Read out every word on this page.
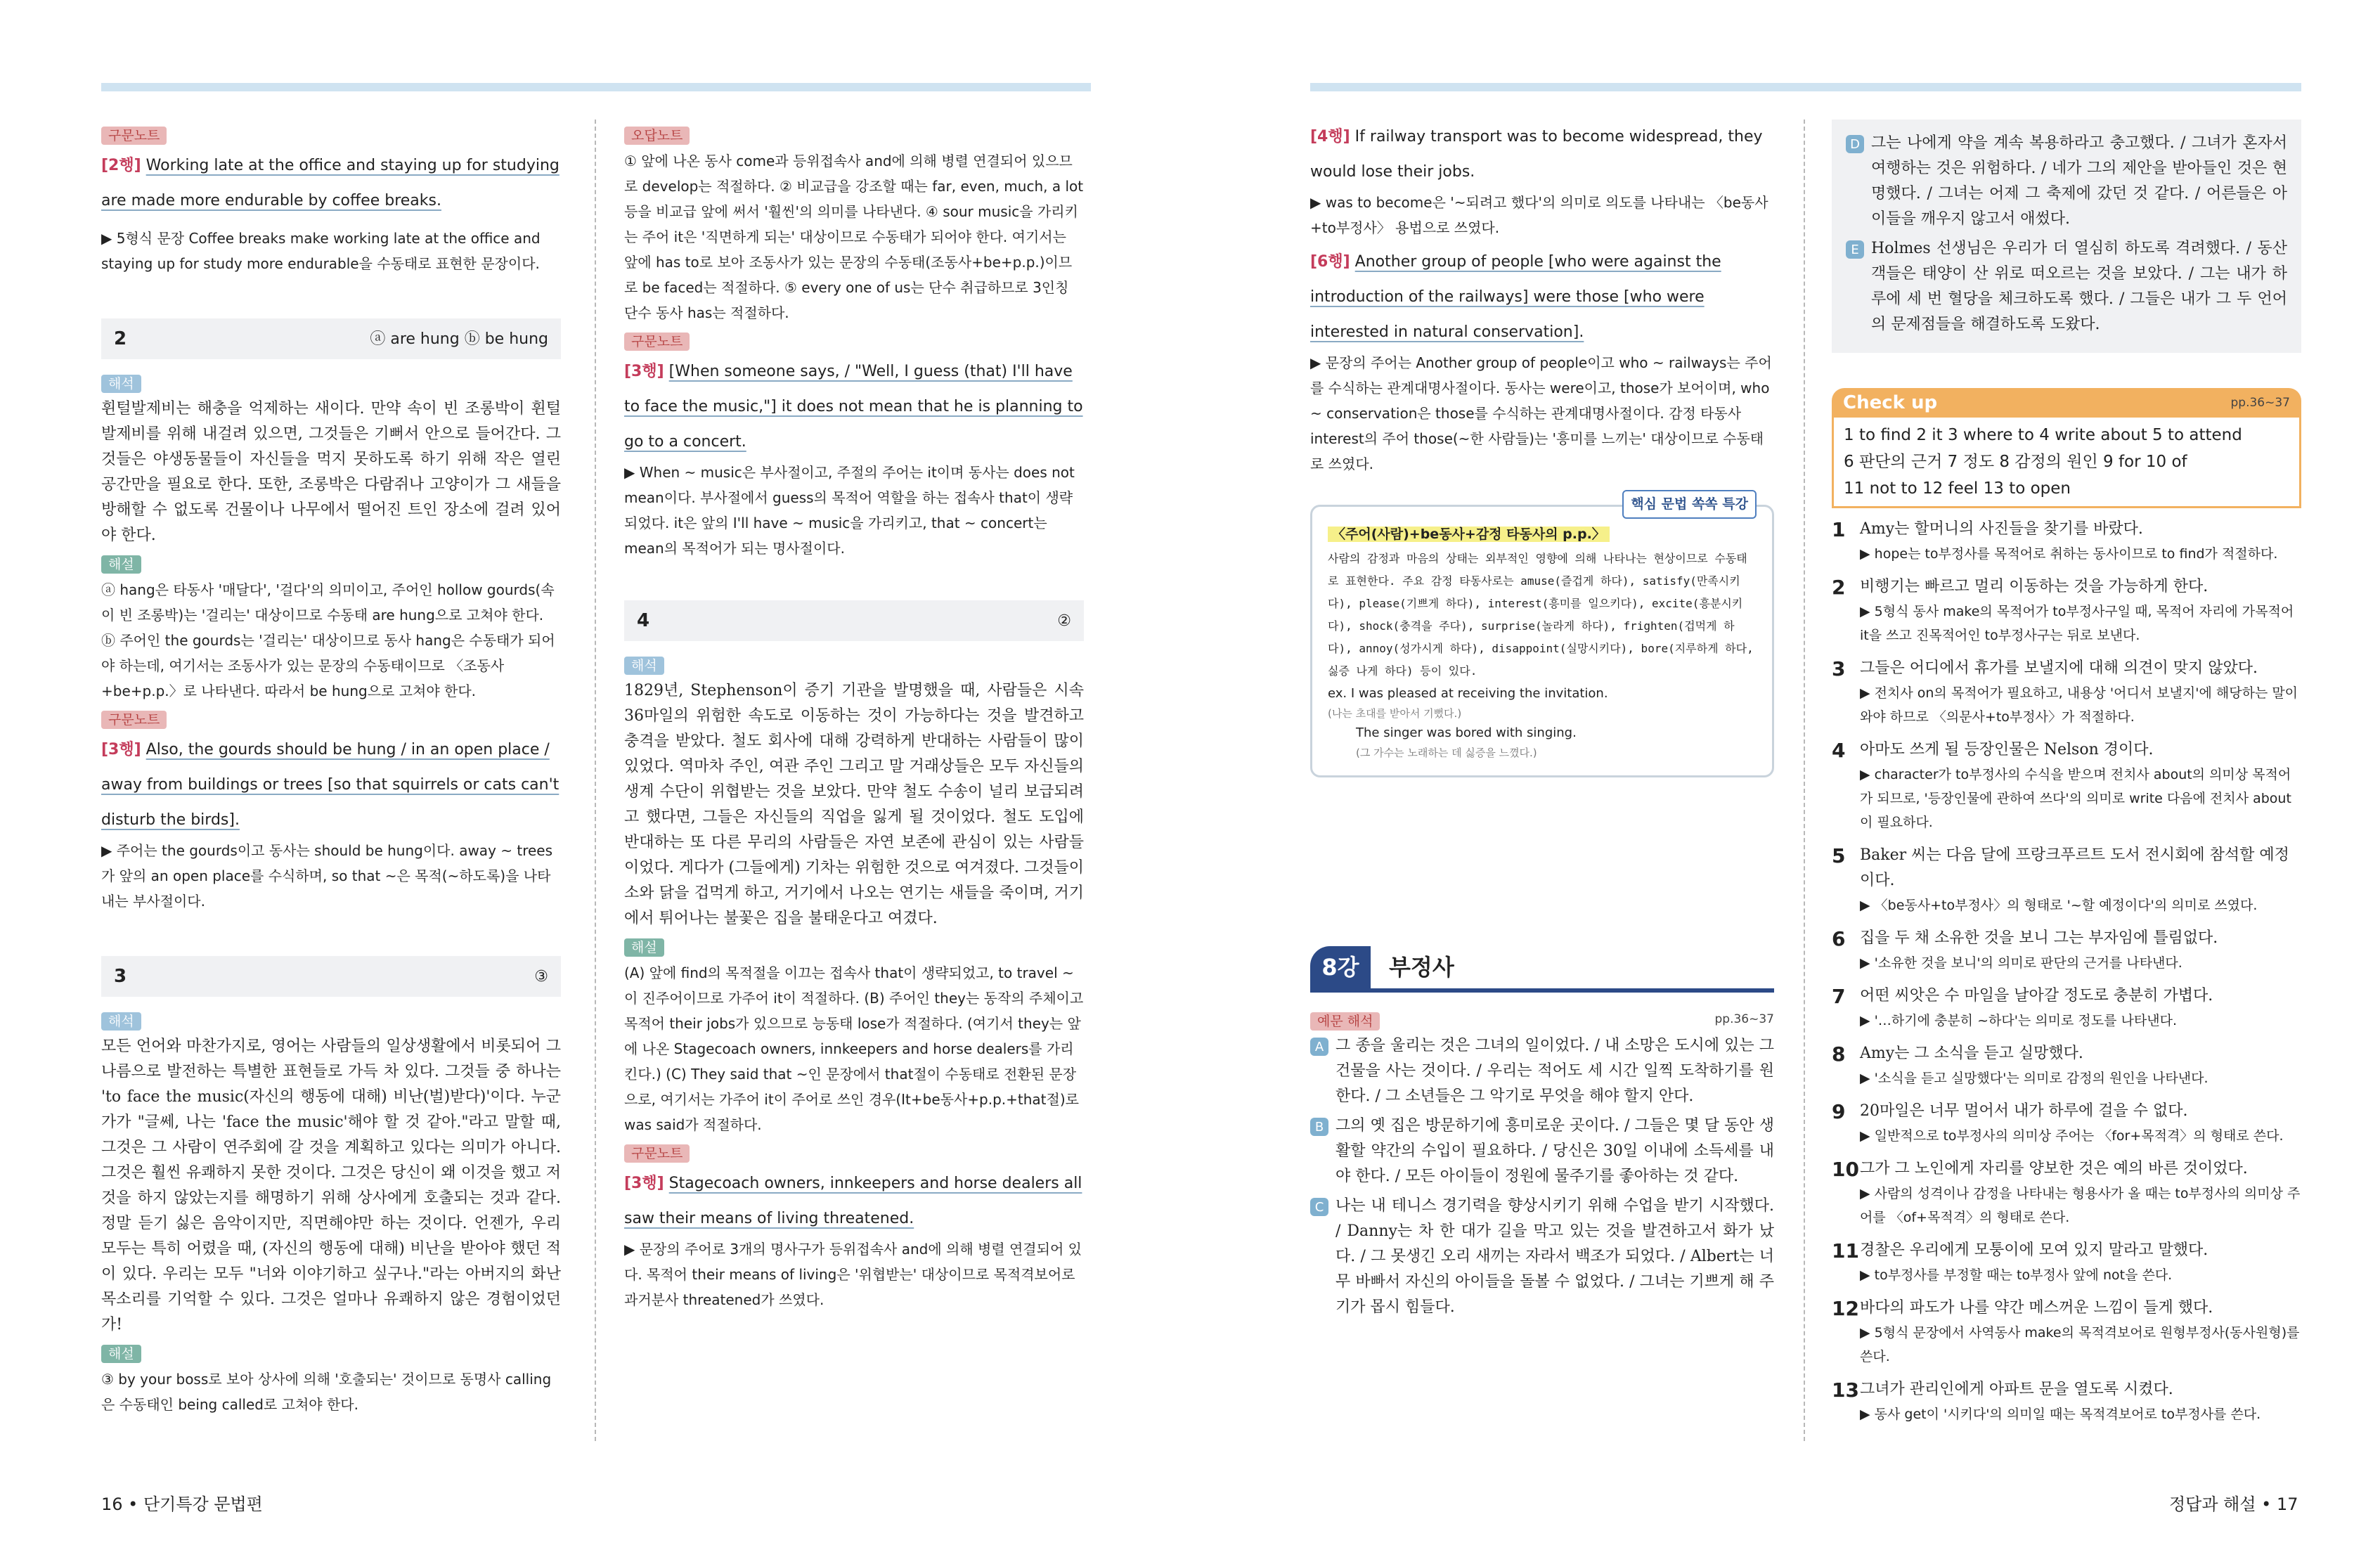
구문노트
[2행] Working late at the office and staying up for studying are made more endurable by coffee breaks.
▶ 5형식 문장 Coffee breaks make working late at the office and staying up for study more endurable을 수동태로 표현한 문장이다.
2	ⓐ are hung ⓑ be hung
해석
휜털발제비는 해충을 억제하는 새이다. 만약 속이 빈 조롱박이 휜털발제비를 위해 내걸려 있으면, 그것들은 기뻐서 안으로 들어간다. 그것들은 야생동물들이 자신들을 먹지 못하도록 하기 위해 작은 열린 공간만을 필요로 한다. 또한, 조롱박은 다람쥐나 고양이가 그 새들을 방해할 수 없도록 건물이나 나무에서 떨어진 트인 장소에 걸려 있어야 한다.
해설
ⓐ hang은 타동사 '매달다', '걸다'의 의미이고, 주어인 hollow gourds(속이 빈 조롱박)는 '걸리는' 대상이므로 수동태 are hung으로 고쳐야 한다. ⓑ 주어인 the gourds는 '걸리는' 대상이므로 동사 hang은 수동태가 되어야 하는데, 여기서는 조동사가 있는 문장의 수동태이므로 〈조동사+be+p.p.〉로 나타낸다. 따라서 be hung으로 고쳐야 한다.
구문노트
[3행] Also, the gourds should be hung / in an open place / away from buildings or trees [so that squirrels or cats can't disturb the birds].
▶ 주어는 the gourds이고 동사는 should be hung이다. away ~ trees가 앞의 an open place를 수식하며, so that ~은 목적(~하도록)을 나타내는 부사절이다.
3	③
해석
모든 언어와 마찬가지로, 영어는 사람들의 일상생활에서 비롯되어 그 나름으로 발전하는 특별한 표현들로 가득 차 있다. 그것들 중 하나는 'to face the music(자신의 행동에 대해) 비난(벌)받다)'이다. 누군가가 "글쎄, 나는 'face the music'해야 할 것 같아."라고 말할 때, 그것은 그 사람이 연주회에 갈 것을 계획하고 있다는 의미가 아니다. 그것은 훨씬 유쾌하지 못한 것이다. 그것은 당신이 왜 이것을 했고 저것을 하지 않았는지를 해명하기 위해 상사에게 호출되는 것과 같다. 정말 듣기 싫은 음악이지만, 직면해야만 하는 것이다. 언젠가, 우리 모두는 특히 어렸을 때, (자신의 행동에 대해) 비난을 받아야 했던 적이 있다. 우리는 모두 "너와 이야기하고 싶구나."라는 아버지의 화난 목소리를 기억할 수 있다. 그것은 얼마나 유쾌하지 않은 경험이었던가!
해설
③ by your boss로 보아 상사에 의해 '호출되는' 것이므로 동명사 calling은 수동태인 being called로 고쳐야 한다.
오답노트
① 앞에 나온 동사 come과 등위접속사 and에 의해 병렬 연결되어 있으므로 develop는 적절하다. ② 비교급을 강조할 때는 far, even, much, a lot 등을 비교급 앞에 써서 '훨씬'의 의미를 나타낸다. ④ sour music을 가리키는 주어 it은 '직면하게 되는' 대상이므로 수동태가 되어야 한다. 여기서는 앞에 has to로 보아 조동사가 있는 문장의 수동태(조동사+be+p.p.)이므로 be faced는 적절하다. ⑤ every one of us는 단수 취급하므로 3인칭 단수 동사 has는 적절하다.
구문노트
[3행] [When someone says, / "Well, I guess (that) I'll have to face the music,"] it does not mean that he is planning to go to a concert.
▶ When ~ music은 부사절이고, 주절의 주어는 it이며 동사는 does not mean이다. 부사절에서 guess의 목적어 역할을 하는 접속사 that이 생략되었다. it은 앞의 I'll have ~ music을 가리키고, that ~ concert는 mean의 목적어가 되는 명사절이다.
4	②
해석
1829년, Stephenson이 증기 기관을 발명했을 때, 사람들은 시속 36마일의 위험한 속도로 이동하는 것이 가능하다는 것을 발견하고 충격을 받았다. 철도 회사에 대해 강력하게 반대하는 사람들이 많이 있었다. 역마차 주인, 여관 주인 그리고 말 거래상들은 모두 자신들의 생계 수단이 위협받는 것을 보았다. 만약 철도 수송이 널리 보급되려고 했다면, 그들은 자신들의 직업을 잃게 될 것이었다. 철도 도입에 반대하는 또 다른 무리의 사람들은 자연 보존에 관심이 있는 사람들이었다. 게다가 (그들에게) 기차는 위험한 것으로 여겨졌다. 그것들이 소와 닭을 겁먹게 하고, 거기에서 나오는 연기는 새들을 죽이며, 거기에서 튀어나는 불꽃은 집을 불태운다고 여겼다.
해설
(A) 앞에 find의 목적절을 이끄는 접속사 that이 생략되었고, to travel ~이 진주어이므로 가주어 it이 적절하다. (B) 주어인 they는 동작의 주체이고 목적어 their jobs가 있으므로 능동태 lose가 적절하다. (여기서 they는 앞에 나온 Stagecoach owners, innkeepers and horse dealers를 가리킨다.) (C) They said that ~인 문장에서 that절이 수동태로 전환된 문장으로, 여기서는 가주어 it이 주어로 쓰인 경우(It+be동사+p.p.+that절)로 was said가 적절하다.
구문노트
[3행] Stagecoach owners, innkeepers and horse dealers all saw their means of living threatened.
▶ 문장의 주어로 3개의 명사구가 등위접속사 and에 의해 병렬 연결되어 있다. 목적어 their means of living은 '위협받는' 대상이므로 목적격보어로 과거분사 threatened가 쓰였다.
[4행] If railway transport was to become widespread, they would lose their jobs.
▶ was to become은 '~되려고 했다'의 의미로 의도를 나타내는 〈be동사+to부정사〉 용법으로 쓰였다.
[6행] Another group of people [who were against the introduction of the railways] were those [who were interested in natural conservation].
▶ 문장의 주어는 Another group of people이고 who ~ railways는 주어를 수식하는 관계대명사절이다. 동사는 were이고, those가 보어이며, who ~ conservation은 those를 수식하는 관계대명사절이다. 감정 타동사 interest의 주어 those(~한 사람들)는 '흥미를 느끼는' 대상이므로 수동태로 쓰였다.
핵심 문법 쏙쏙 특강
〈주어(사람)+be동사+감정 타동사의 p.p.〉
사람의 감정과 마음의 상태는 외부적인 영향에 의해 나타나는 현상이므로 수동태로 표현한다. 주요 감정 타동사로는 amuse(즐겁게 하다), satisfy(만족시키다), please(기쁘게 하다), interest(흥미를 일으키다), excite(흥분시키다), shock(충격을 주다), surprise(놀라게 하다), frighten(겁먹게 하다), annoy(성가시게 하다), disappoint(실망시키다), bore(지루하게 하다, 싫증 나게 하다) 등이 있다.
ex. I was pleased at receiving the invitation.
(나는 초대를 받아서 기뻤다.)
The singer was bored with singing.
(그 가수는 노래하는 데 싫증을 느꼈다.)
8강	부정사
예문 해석	pp.36~37
A 그 종을 울리는 것은 그녀의 일이었다. / 내 소망은 도시에 있는 그 건물을 사는 것이다. / 우리는 적어도 세 시간 일찍 도착하기를 원한다. / 그 소년들은 그 악기로 무엇을 해야 할지 안다.
B 그의 옛 집은 방문하기에 흥미로운 곳이다. / 그들은 몇 달 동안 생활할 약간의 수입이 필요하다. / 당신은 30일 이내에 소득세를 내야 한다. / 모든 아이들이 정원에 물주기를 좋아하는 것 같다.
C 나는 내 테니스 경기력을 향상시키기 위해 수업을 받기 시작했다. / Danny는 차 한 대가 길을 막고 있는 것을 발견하고서 화가 났다. / 그 못생긴 오리 새끼는 자라서 백조가 되었다. / Albert는 너무 바빠서 자신의 아이들을 돌볼 수 없었다. / 그녀는 기쁘게 해 주기가 몹시 힘들다.
D 그는 나에게 약을 계속 복용하라고 충고했다. / 그녀가 혼자서 여행하는 것은 위험하다. / 네가 그의 제안을 받아들인 것은 현명했다. / 그녀는 어제 그 축제에 갔던 것 같다. / 어른들은 아이들을 깨우지 않고서 애썼다.
E Holmes 선생님은 우리가 더 열심히 하도록 격려했다. / 동산객들은 태양이 산 위로 떠오르는 것을 보았다. / 그는 내가 하루에 세 번 혈당을 체크하도록 했다. / 그들은 내가 그 두 언어의 문제점들을 해결하도록 도왔다.
Check up	pp.36~37
1 to find 2 it 3 where to 4 write about 5 to attend
6 판단의 근거 7 정도 8 감정의 원인 9 for 10 of
11 not to 12 feel 13 to open
1 Amy는 할머니의 사진들을 찾기를 바랐다.
▶ hope는 to부정사를 목적어로 취하는 동사이므로 to find가 적절하다.
2 비행기는 빠르고 멀리 이동하는 것을 가능하게 한다.
▶ 5형식 동사 make의 목적어가 to부정사구일 때, 목적어 자리에 가목적어 it을 쓰고 진목적어인 to부정사구는 뒤로 보낸다.
3 그들은 어디에서 휴가를 보낼지에 대해 의견이 맞지 않았다.
▶ 전치사 on의 목적어가 필요하고, 내용상 '어디서 보낼지'에 해당하는 말이 와야 하므로 〈의문사+to부정사〉가 적절하다.
4 아마도 쓰게 될 등장인물은 Nelson 경이다.
▶ character가 to부정사의 수식을 받으며 전치사 about의 의미상 목적어가 되므로, '등장인물에 관하여 쓰다'의 의미로 write 다음에 전치사 about이 필요하다.
5 Baker 씨는 다음 달에 프랑크푸르트 도서 전시회에 참석할 예정이다.
▶ 〈be동사+to부정사〉의 형태로 '~할 예정이다'의 의미로 쓰였다.
6 집을 두 채 소유한 것을 보니 그는 부자임에 틀림없다.
▶ '소유한 것을 보니'의 의미로 판단의 근거를 나타낸다.
7 어떤 씨앗은 수 마일을 날아갈 정도로 충분히 가볍다.
▶ '…하기에 충분히 ~하다'는 의미로 정도를 나타낸다.
8 Amy는 그 소식을 듣고 실망했다.
▶ '소식을 듣고 실망했다'는 의미로 감정의 원인을 나타낸다.
9 20마일은 너무 멀어서 내가 하루에 걸을 수 없다.
▶ 일반적으로 to부정사의 의미상 주어는 〈for+목적격〉의 형태로 쓴다.
10 그가 그 노인에게 자리를 양보한 것은 예의 바른 것이었다.
▶ 사람의 성격이나 감정을 나타내는 형용사가 올 때는 to부정사의 의미상 주어를 〈of+목적격〉의 형태로 쓴다.
11 경찰은 우리에게 모퉁이에 모여 있지 말라고 말했다.
▶ to부정사를 부정할 때는 to부정사 앞에 not을 쓴다.
12 바다의 파도가 나를 약간 메스꺼운 느낌이 들게 했다.
▶ 5형식 문장에서 사역동사 make의 목적격보어로 원형부정사(동사원형)를 쓴다.
13 그녀가 관리인에게 아파트 문을 열도록 시켰다.
▶ 동사 get이 '시키다'의 의미일 때는 목적격보어로 to부정사를 쓴다.
16 • 단기특강 문법편	정답과 해설 • 17
